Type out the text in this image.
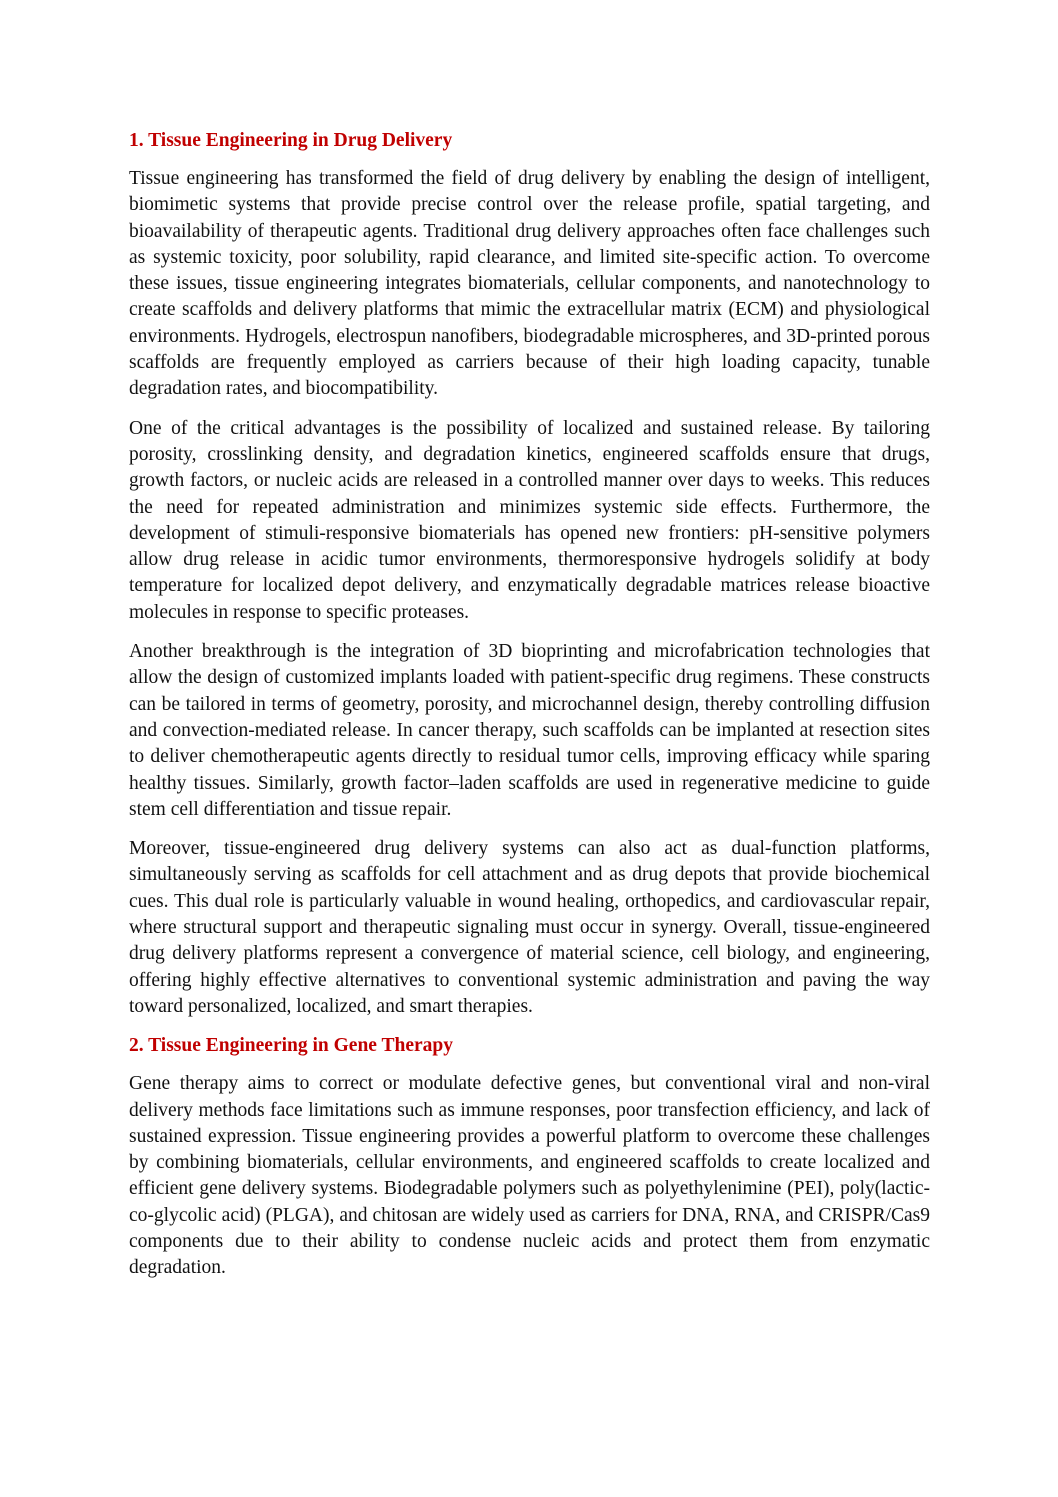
1. Tissue Engineering in Drug Delivery

Tissue engineering has transformed the field of drug delivery by enabling the design of intelligent, biomimetic systems that provide precise control over the release profile, spatial targeting, and bioavailability of therapeutic agents. Traditional drug delivery approaches often face challenges such as systemic toxicity, poor solubility, rapid clearance, and limited site-specific action. To overcome these issues, tissue engineering integrates biomaterials, cellular components, and nanotechnology to create scaffolds and delivery platforms that mimic the extracellular matrix (ECM) and physiological environments. Hydrogels, electrospun nanofibers, biodegradable microspheres, and 3D-printed porous scaffolds are frequently employed as carriers because of their high loading capacity, tunable degradation rates, and biocompatibility.

One of the critical advantages is the possibility of localized and sustained release. By tailoring porosity, crosslinking density, and degradation kinetics, engineered scaffolds ensure that drugs, growth factors, or nucleic acids are released in a controlled manner over days to weeks. This reduces the need for repeated administration and minimizes systemic side effects. Furthermore, the development of stimuli-responsive biomaterials has opened new frontiers: pH-sensitive polymers allow drug release in acidic tumor environments, thermoresponsive hydrogels solidify at body temperature for localized depot delivery, and enzymatically degradable matrices release bioactive molecules in response to specific proteases.

Another breakthrough is the integration of 3D bioprinting and microfabrication technologies that allow the design of customized implants loaded with patient-specific drug regimens. These constructs can be tailored in terms of geometry, porosity, and microchannel design, thereby controlling diffusion and convection-mediated release. In cancer therapy, such scaffolds can be implanted at resection sites to deliver chemotherapeutic agents directly to residual tumor cells, improving efficacy while sparing healthy tissues. Similarly, growth factor–laden scaffolds are used in regenerative medicine to guide stem cell differentiation and tissue repair.

Moreover, tissue-engineered drug delivery systems can also act as dual-function platforms, simultaneously serving as scaffolds for cell attachment and as drug depots that provide biochemical cues. This dual role is particularly valuable in wound healing, orthopedics, and cardiovascular repair, where structural support and therapeutic signaling must occur in synergy. Overall, tissue-engineered drug delivery platforms represent a convergence of material science, cell biology, and engineering, offering highly effective alternatives to conventional systemic administration and paving the way toward personalized, localized, and smart therapies.

2. Tissue Engineering in Gene Therapy

Gene therapy aims to correct or modulate defective genes, but conventional viral and non-viral delivery methods face limitations such as immune responses, poor transfection efficiency, and lack of sustained expression. Tissue engineering provides a powerful platform to overcome these challenges by combining biomaterials, cellular environments, and engineered scaffolds to create localized and efficient gene delivery systems. Biodegradable polymers such as polyethylenimine (PEI), poly(lactic-co-glycolic acid) (PLGA), and chitosan are widely used as carriers for DNA, RNA, and CRISPR/Cas9 components due to their ability to condense nucleic acids and protect them from enzymatic degradation.
